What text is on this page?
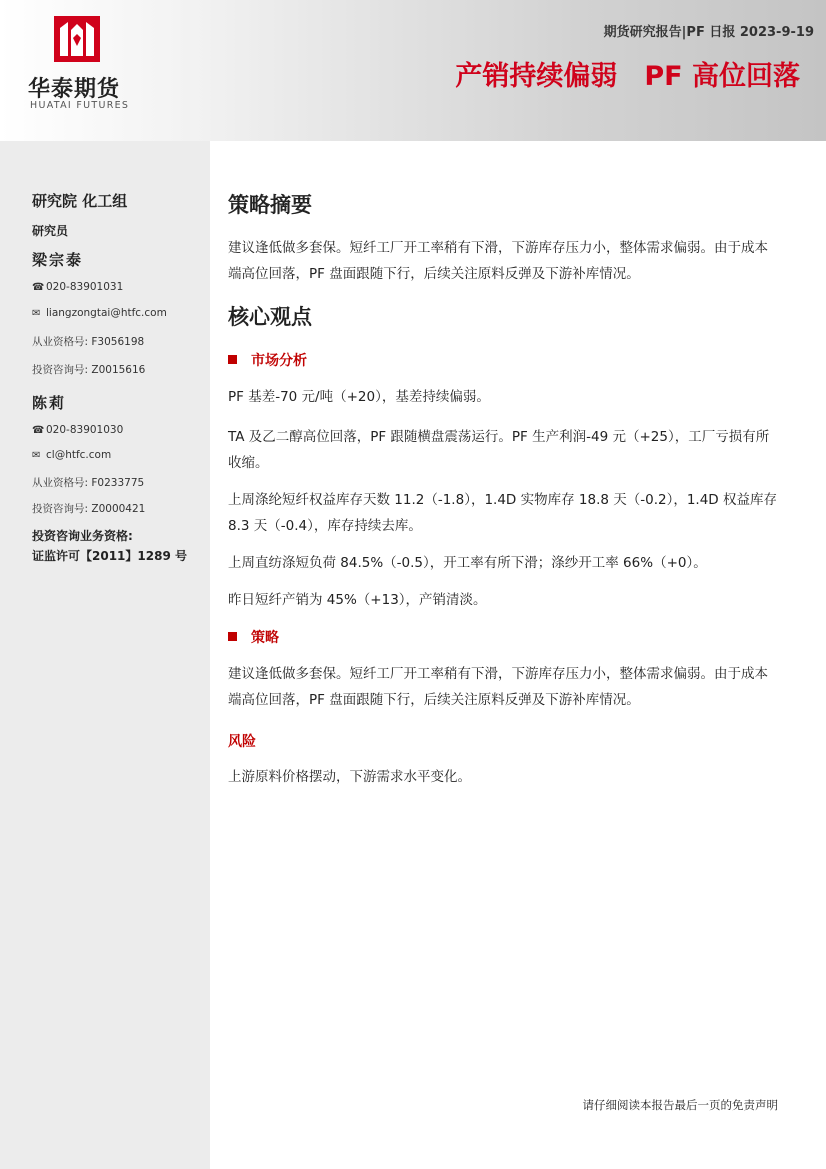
华泰期货
HUATAI FUTURES
期货研究报告|PF 日报 2023-9-19
产销持续偏弱　PF 高位回落
研究院 化工组
研究员
梁宗泰
☎ 020-83901031
✉ liangzongtai@htfc.com
从业资格号: F3056198
投资咨询号: Z0015616
陈莉
☎ 020-83901030
✉ cl@htfc.com
从业资格号: F0233775
投资咨询号: Z0000421
投资咨询业务资格:
证监许可【2011】1289 号
策略摘要
建议逢低做多套保。短纤工厂开工率稍有下滑，下游库存压力小，整体需求偏弱。由于成本端高位回落，PF 盘面跟随下行，后续关注原料反弹及下游补库情况。
核心观点
市场分析
PF 基差-70 元/吨（+20），基差持续偏弱。
TA 及乙二醇高位回落，PF 跟随横盘震荡运行。PF 生产利润-49 元（+25），工厂亏损有所收缩。
上周涤纶短纤权益库存天数 11.2（-1.8），1.4D 实物库存 18.8 天（-0.2），1.4D 权益库存 8.3 天（-0.4），库存持续去库。
上周直纺涤短负荷 84.5%（-0.5），开工率有所下滑；涤纱开工率 66%（+0）。
昨日短纤产销为 45%（+13），产销清淡。
策略
建议逢低做多套保。短纤工厂开工率稍有下滑，下游库存压力小，整体需求偏弱。由于成本端高位回落，PF 盘面跟随下行，后续关注原料反弹及下游补库情况。
风险
上游原料价格摆动，下游需求水平变化。
请仔细阅读本报告最后一页的免责声明
